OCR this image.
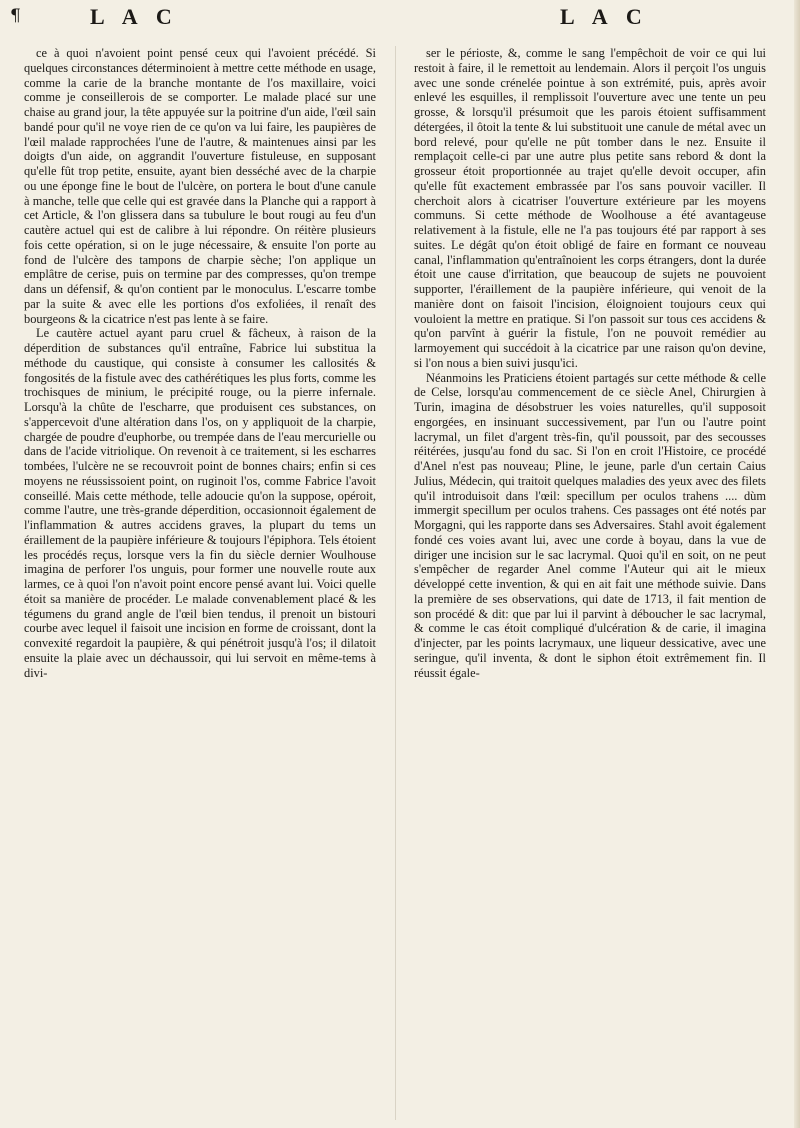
¶	L A C	L A C

ce à quoi n'avoient point pensé ceux qui l'avoient précédé. Si quelques circonstances déterminoient à mettre cette méthode en usage, comme la carie de la branche montante de l'os maxillaire, voici comme je conseillerois de se comporter. Le malade placé sur une chaise au grand jour, la tête appuyée sur la poitrine d'un aide, l'œil sain bandé pour qu'il ne voye rien de ce qu'on va lui faire, les paupières de l'œil malade rapprochées l'une de l'autre, & maintenues ainsi par les doigts d'un aide, on aggrandit l'ouverture fistuleuse, en supposant qu'elle fût trop petite, ensuite, ayant bien desséché avec de la charpie ou une éponge fine le bout de l'ulcère, on portera le bout d'une canule à manche, telle que celle qui est gravée dans la Planche qui a rapport à cet Article, & l'on glissera dans sa tubulure le bout rougi au feu d'un cautère actuel qui est de calibre à lui répondre. On réitère plusieurs fois cette opération, si on le juge nécessaire, & ensuite l'on porte au fond de l'ulcère des tampons de charpie sèche; l'on applique un emplâtre de cerise, puis on termine par des compresses, qu'on trempe dans un défensif, & qu'on contient par le monoculus. L'escarre tombe par la suite & avec elle les portions d'os exfoliées, il renaît des bourgeons & la cicatrice n'est pas lente à se faire.

Le cautère actuel ayant paru cruel & fâcheux, à raison de la déperdition de substances qu'il entraîne, Fabrice lui substitua la méthode du caustique, qui consiste à consumer les callosités & fongosités de la fistule avec des cathérétiques les plus forts, comme les trochisques de minium, le précipité rouge, ou la pierre infernale. Lorsqu'à la chûte de l'escharre, que produisent ces substances, on s'appercevoit d'une altération dans l'os, on y appliquoit de la charpie, chargée de poudre d'euphorbe, ou trempée dans de l'eau mercurielle ou dans de l'acide vitriolique. On revenoit à ce traitement, si les escharres tombées, l'ulcère ne se recouvroit point de bonnes chairs; enfin si ces moyens ne réussissoient point, on ruginoit l'os, comme Fabrice l'avoit conseillé. Mais cette méthode, telle adoucie qu'on la suppose, opéroit, comme l'autre, une très-grande déperdition, occasionnoit également de l'inflammation & autres accidens graves, la plupart du tems un éraillement de la paupière inférieure & toujours l'épiphora. Tels étoient les procédés reçus, lorsque vers la fin du siècle dernier Woulhouse imagina de perforer l'os unguis, pour former une nouvelle route aux larmes, ce à quoi l'on n'avoit point encore pensé avant lui. Voici quelle étoit sa manière de procéder. Le malade convenablement placé & les tégumens du grand angle de l'œil bien tendus, il prenoit un bistouri courbe avec lequel il faisoit une incision en forme de croissant, dont la convexité regardoit la paupière, & qui pénétroit jusqu'à l'os; il dilatoit ensuite la plaie avec un déchaussoir, qui lui servoit en même-tems à divi-

ser le périoste, &, comme le sang l'empêchoit de voir ce qui lui restoit à faire, il le remettoit au lendemain. Alors il perçoit l'os unguis avec une sonde crénelée pointue à son extrémité, puis, après avoir enlevé les esquilles, il remplissoit l'ouverture avec une tente un peu grosse, & lorsqu'il présumoit que les parois étoient suffisamment détergées, il ôtoit la tente & lui substituoit une canule de métal avec un bord relevé, pour qu'elle ne pût tomber dans le nez. Ensuite il remplaçoit celle-ci par une autre plus petite sans rebord & dont la grosseur étoit proportionnée au trajet qu'elle devoit occuper, afin qu'elle fût exactement embrassée par l'os sans pouvoir vaciller. Il cherchoit alors à cicatriser l'ouverture extérieure par les moyens communs. Si cette méthode de Woolhouse a été avantageuse relativement à la fistule, elle ne l'a pas toujours été par rapport à ses suites. Le dégât qu'on étoit obligé de faire en formant ce nouveau canal, l'inflammation qu'entraînoient les corps étrangers, dont la durée étoit une cause d'irritation, que beaucoup de sujets ne pouvoient supporter, l'éraillement de la paupière inférieure, qui venoit de la manière dont on faisoit l'incision, éloignoient toujours ceux qui vouloient la mettre en pratique. Si l'on passoit sur tous ces accidens & qu'on parvînt à guérir la fistule, l'on ne pouvoit remédier au larmoyement qui succédoit à la cicatrice par une raison qu'on devine, si l'on nous a bien suivi jusqu'ici.

Néanmoins les Praticiens étoient partagés sur cette méthode & celle de Celse, lorsqu'au commencement de ce siècle Anel, Chirurgien à Turin, imagina de désobstruer les voies naturelles, qu'il supposoit engorgées, en insinuant successivement, par l'un ou l'autre point lacrymal, un filet d'argent très-fin, qu'il poussoit, par des secousses réitérées, jusqu'au fond du sac. Si l'on en croit l'Histoire, ce procédé d'Anel n'est pas nouveau; Pline, le jeune, parle d'un certain Caius Julius, Médecin, qui traitoit quelques maladies des yeux avec des filets qu'il introduisoit dans l'œil: specillum per oculos trahens .... dùm immergit specillum per oculos trahens. Ces passages ont été notés par Morgagni, qui les rapporte dans ses Adversaires. Stahl avoit également fondé ces voies avant lui, avec une corde à boyau, dans la vue de diriger une incision sur le sac lacrymal. Quoi qu'il en soit, on ne peut s'empêcher de regarder Anel comme l'Auteur qui ait le mieux développé cette invention, & qui en ait fait une méthode suivie. Dans la première de ses observations, qui date de 1713, il fait mention de son procédé & dit: que par lui il parvint à déboucher le sac lacrymal, & comme le cas étoit compliqué d'ulcération & de carie, il imagina d'injecter, par les points lacrymaux, une liqueur dessicative, avec une seringue, qu'il inventa, & dont le siphon étoit extrêmement fin. Il réussit égale-
